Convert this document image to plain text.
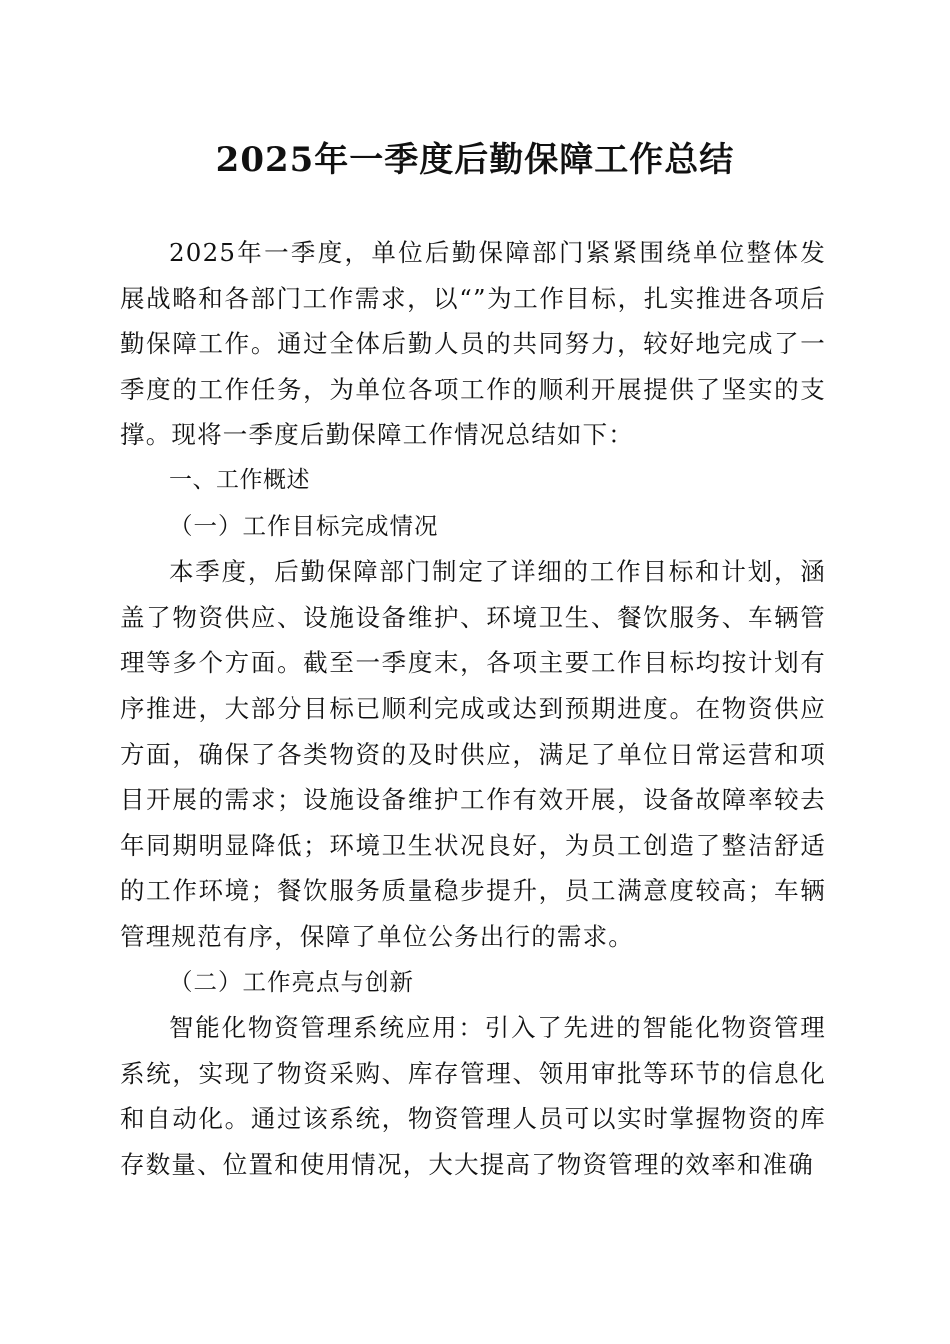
2025年一季度后勤保障工作总结

2025年一季度，单位后勤保障部门紧紧围绕单位整体发展战略和各部门工作需求，以“”为工作目标，扎实推进各项后勤保障工作。通过全体后勤人员的共同努力，较好地完成了一季度的工作任务，为单位各项工作的顺利开展提供了坚实的支撑。现将一季度后勤保障工作情况总结如下：

一、工作概述

（一）工作目标完成情况

本季度，后勤保障部门制定了详细的工作目标和计划，涵盖了物资供应、设施设备维护、环境卫生、餐饮服务、车辆管理等多个方面。截至一季度末，各项主要工作目标均按计划有序推进，大部分目标已顺利完成或达到预期进度。在物资供应方面，确保了各类物资的及时供应，满足了单位日常运营和项目开展的需求；设施设备维护工作有效开展，设备故障率较去年同期明显降低；环境卫生状况良好，为员工创造了整洁舒适的工作环境；餐饮服务质量稳步提升，员工满意度较高；车辆管理规范有序，保障了单位公务出行的需求。

（二）工作亮点与创新

智能化物资管理系统应用：引入了先进的智能化物资管理系统，实现了物资采购、库存管理、领用审批等环节的信息化和自动化。通过该系统，物资管理人员可以实时掌握物资的库存数量、位置和使用情况，大大提高了物资管理的效率和准确
